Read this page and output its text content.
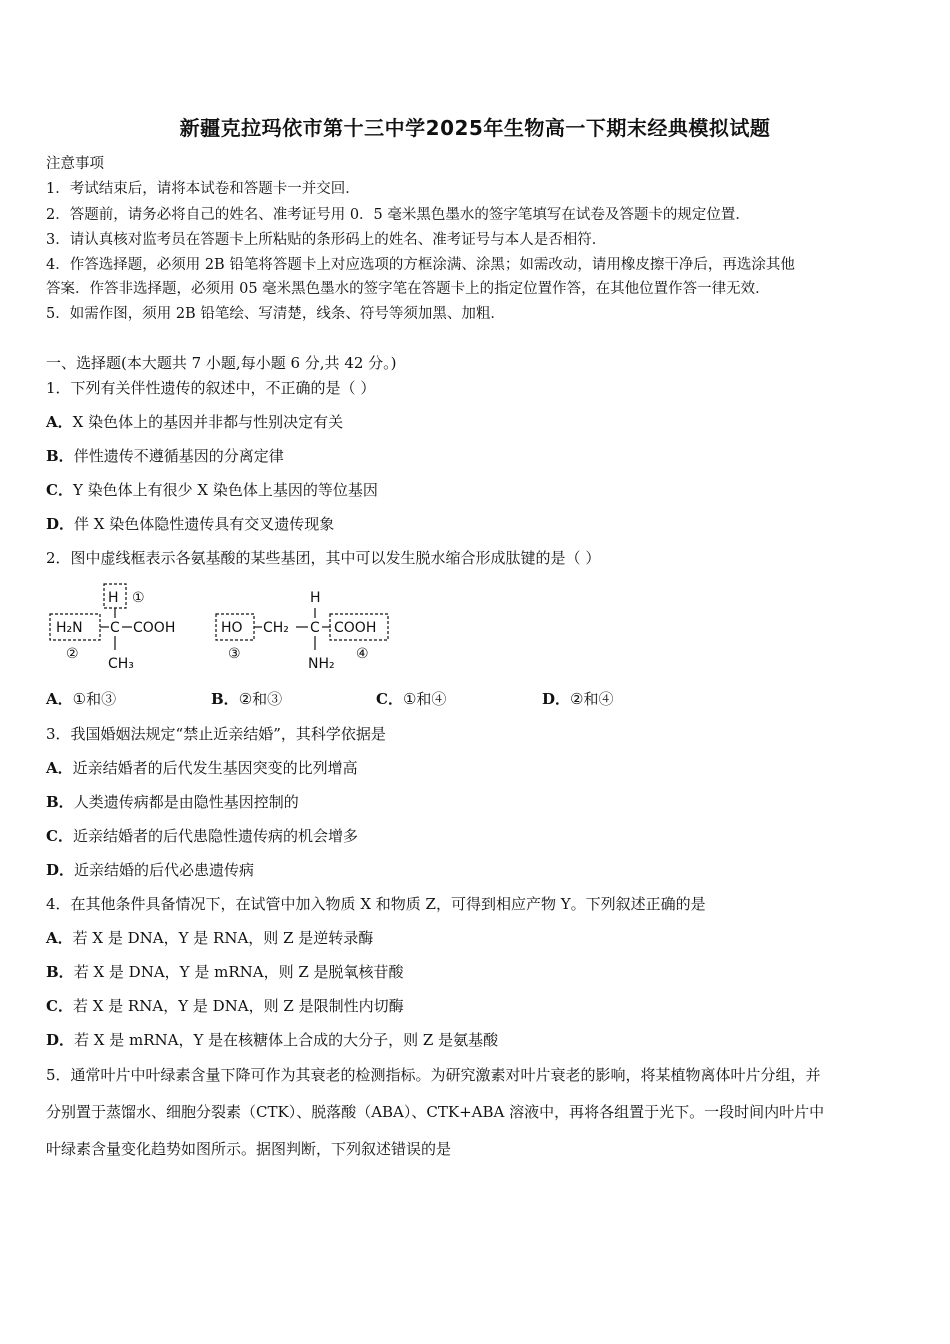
新疆克拉玛依市第十三中学2025年生物高一下期末经典模拟试题
注意事项
1．考试结束后，请将本试卷和答题卡一并交回．
2．答题前，请务必将自己的姓名、准考证号用 0．5 毫米黑色墨水的签字笔填写在试卷及答题卡的规定位置．
3．请认真核对监考员在答题卡上所粘贴的条形码上的姓名、准考证号与本人是否相符．
4．作答选择题，必须用 2B 铅笔将答题卡上对应选项的方框涂满、涂黑；如需改动，请用橡皮擦干净后，再选涂其他
答案．作答非选择题，必须用 05 毫米黑色墨水的签字笔在答题卡上的指定位置作答，在其他位置作答一律无效．
5．如需作图，须用 2B 铅笔绘、写清楚，线条、符号等须加黑、加粗．
一、选择题(本大题共 7 小题,每小题 6 分,共 42 分。)
1．下列有关伴性遗传的叙述中，不正确的是（ ）
A．X 染色体上的基因并非都与性别决定有关
B．伴性遗传不遵循基因的分离定律
C．Y 染色体上有很少 X 染色体上基因的等位基因
D．伴 X 染色体隐性遗传具有交叉遗传现象
2．图中虚线框表示各氨基酸的某些基团，其中可以发生脱水缩合形成肽键的是（ ）
H ①
H₂N C COOH
②
CH₃
H
HO CH₂ C COOH
③
NH₂
④
A．①和③	B．②和③	C．①和④	D．②和④
3．我国婚姻法规定“禁止近亲结婚”，其科学依据是
A．近亲结婚者的后代发生基因突变的比列增高
B．人类遗传病都是由隐性基因控制的
C．近亲结婚者的后代患隐性遗传病的机会增多
D．近亲结婚的后代必患遗传病
4．在其他条件具备情况下，在试管中加入物质 X 和物质 Z，可得到相应产物 Y。下列叙述正确的是
A．若 X 是 DNA，Y 是 RNA，则 Z 是逆转录酶
B．若 X 是 DNA，Y 是 mRNA，则 Z 是脱氧核苷酸
C．若 X 是 RNA，Y 是 DNA，则 Z 是限制性内切酶
D．若 X 是 mRNA，Y 是在核糖体上合成的大分子，则 Z 是氨基酸
5．通常叶片中叶绿素含量下降可作为其衰老的检测指标。为研究激素对叶片衰老的影响，将某植物离体叶片分组，并
分别置于蒸馏水、细胞分裂素（CTK）、脱落酸（ABA）、CTK+ABA 溶液中，再将各组置于光下。一段时间内叶片中
叶绿素含量变化趋势如图所示。据图判断，下列叙述错误的是
